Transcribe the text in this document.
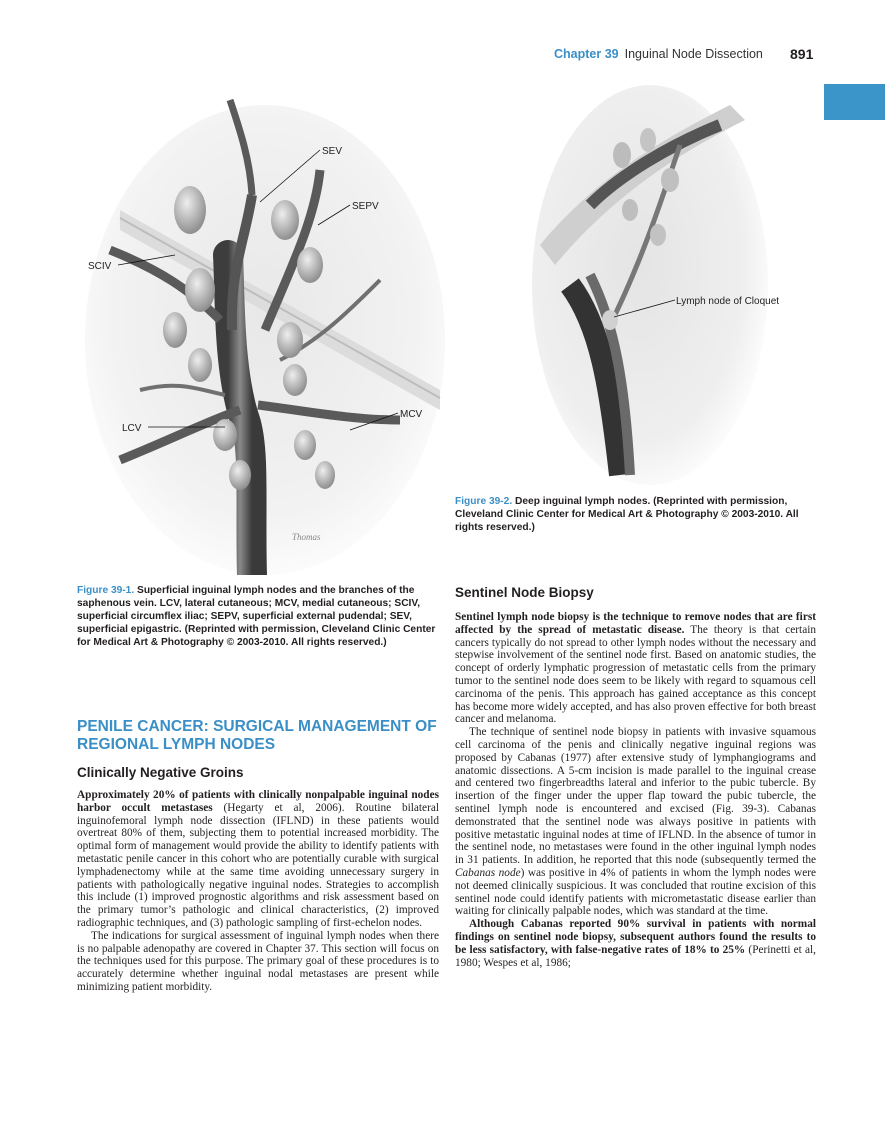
Chapter 39 Inguinal Node Dissection 891
SEV
SEPV
SCIV
LCV
MCV
Thomas
Lymph node of Cloquet
Figure 39-2. Deep inguinal lymph nodes. (Reprinted with permission, Cleveland Clinic Center for Medical Art & Photography © 2003-2010. All rights reserved.)
Figure 39-1. Superficial inguinal lymph nodes and the branches of the saphenous vein. LCV, lateral cutaneous; MCV, medial cutaneous; SCIV, superficial circumflex iliac; SEPV, superficial external pudendal; SEV, superficial epigastric. (Reprinted with permission, Cleveland Clinic Center for Medical Art & Photography © 2003-2010. All rights reserved.)
PENILE CANCER: SURGICAL MANAGEMENT OF REGIONAL LYMPH NODES
Clinically Negative Groins

Approximately 20% of patients with clinically nonpalpable inguinal nodes harbor occult metastases (Hegarty et al, 2006). Routine bilateral inguinofemoral lymph node dissection (IFLND) in these patients would overtreat 80% of them, subjecting them to potential increased morbidity. The optimal form of management would provide the ability to identify patients with metastatic penile cancer in this cohort who are potentially curable with surgical lymphadenectomy while at the same time avoiding unnecessary surgery in patients with pathologically negative inguinal nodes. Strategies to accomplish this include (1) improved prognostic algorithms and risk assessment based on the primary tumor’s pathologic and clinical characteristics, (2) improved radiographic techniques, and (3) pathologic sampling of first-echelon nodes.

The indications for surgical assessment of inguinal lymph nodes when there is no palpable adenopathy are covered in Chapter 37. This section will focus on the techniques used for this purpose. The primary goal of these procedures is to accurately determine whether inguinal nodal metastases are present while minimizing patient morbidity.

Sentinel Node Biopsy

Sentinel lymph node biopsy is the technique to remove nodes that are first affected by the spread of metastatic disease. The theory is that certain cancers typically do not spread to other lymph nodes without the necessary and stepwise involvement of the sentinel node first. Based on anatomic studies, the concept of orderly lymphatic progression of metastatic cells from the primary tumor to the sentinel node does seem to be likely with regard to squamous cell carcinoma of the penis. This approach has gained acceptance as this concept has become more widely accepted, and has also proven effective for both breast cancer and melanoma.

The technique of sentinel node biopsy in patients with invasive squamous cell carcinoma of the penis and clinically negative inguinal regions was proposed by Cabanas (1977) after extensive study of lymphangiograms and anatomic dissections. A 5-cm incision is made parallel to the inguinal crease and centered two fingerbreadths lateral and inferior to the pubic tubercle. By insertion of the finger under the upper flap toward the pubic tubercle, the sentinel lymph node is encountered and excised (Fig. 39-3). Cabanas demonstrated that the sentinel node was always positive in patients with positive metastatic inguinal nodes at time of IFLND. In the absence of tumor in the sentinel node, no metastases were found in the other inguinal lymph nodes in 31 patients. In addition, he reported that this node (subsequently termed the Cabanas node) was positive in 4% of patients in whom the lymph nodes were not deemed clinically suspicious. It was concluded that routine excision of this sentinel node could identify patients with micrometastatic disease earlier than waiting for clinically palpable nodes, which was standard at the time.

Although Cabanas reported 90% survival in patients with normal findings on sentinel node biopsy, subsequent authors found the results to be less satisfactory, with false-negative rates of 18% to 25% (Perinetti et al, 1980; Wespes et al, 1986;
